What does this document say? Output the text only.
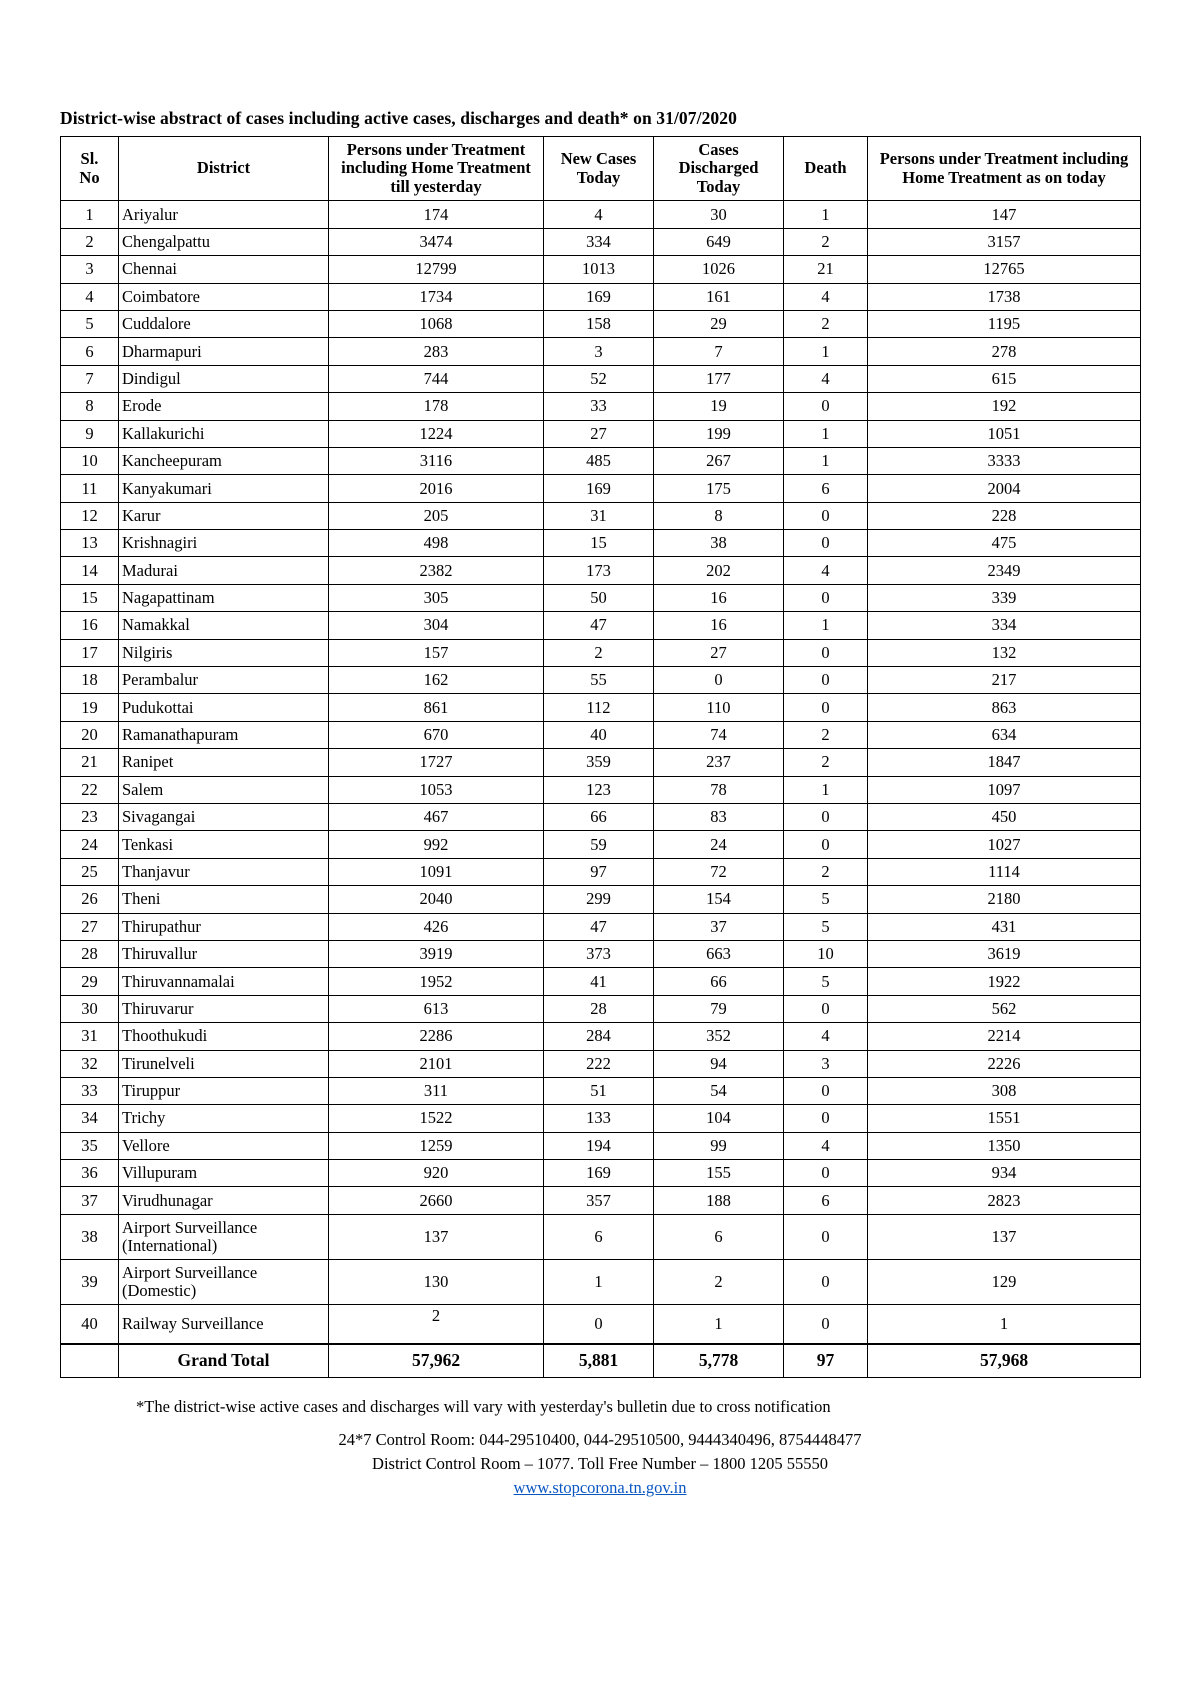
District-wise abstract of cases including active cases, discharges and death* on 31/07/2020
Sl.
No	District	Persons under Treatment including Home Treatment till yesterday	New Cases Today	Cases Discharged Today	Death	Persons under Treatment including Home Treatment as on today
1	Ariyalur	174	4	30	1	147
2	Chengalpattu	3474	334	649	2	3157
3	Chennai	12799	1013	1026	21	12765
4	Coimbatore	1734	169	161	4	1738
5	Cuddalore	1068	158	29	2	1195
6	Dharmapuri	283	3	7	1	278
7	Dindigul	744	52	177	4	615
8	Erode	178	33	19	0	192
9	Kallakurichi	1224	27	199	1	1051
10	Kancheepuram	3116	485	267	1	3333
11	Kanyakumari	2016	169	175	6	2004
12	Karur	205	31	8	0	228
13	Krishnagiri	498	15	38	0	475
14	Madurai	2382	173	202	4	2349
15	Nagapattinam	305	50	16	0	339
16	Namakkal	304	47	16	1	334
17	Nilgiris	157	2	27	0	132
18	Perambalur	162	55	0	0	217
19	Pudukottai	861	112	110	0	863
20	Ramanathapuram	670	40	74	2	634
21	Ranipet	1727	359	237	2	1847
22	Salem	1053	123	78	1	1097
23	Sivagangai	467	66	83	0	450
24	Tenkasi	992	59	24	0	1027
25	Thanjavur	1091	97	72	2	1114
26	Theni	2040	299	154	5	2180
27	Thirupathur	426	47	37	5	431
28	Thiruvallur	3919	373	663	10	3619
29	Thiruvannamalai	1952	41	66	5	1922
30	Thiruvarur	613	28	79	0	562
31	Thoothukudi	2286	284	352	4	2214
32	Tirunelveli	2101	222	94	3	2226
33	Tiruppur	311	51	54	0	308
34	Trichy	1522	133	104	0	1551
35	Vellore	1259	194	99	4	1350
36	Villupuram	920	169	155	0	934
37	Virudhunagar	2660	357	188	6	2823
38	Airport Surveillance (International)	137	6	6	0	137
39	Airport Surveillance (Domestic)	130	1	2	0	129
40	Railway Surveillance	2	0	1	0	1
	Grand Total	57,962	5,881	5,778	97	57,968

*The district-wise active cases and discharges will vary with yesterday's bulletin due to cross notification

24*7 Control Room: 044-29510400, 044-29510500, 9444340496, 8754448477
District Control Room – 1077. Toll Free Number – 1800 1205 55550
www.stopcorona.tn.gov.in
